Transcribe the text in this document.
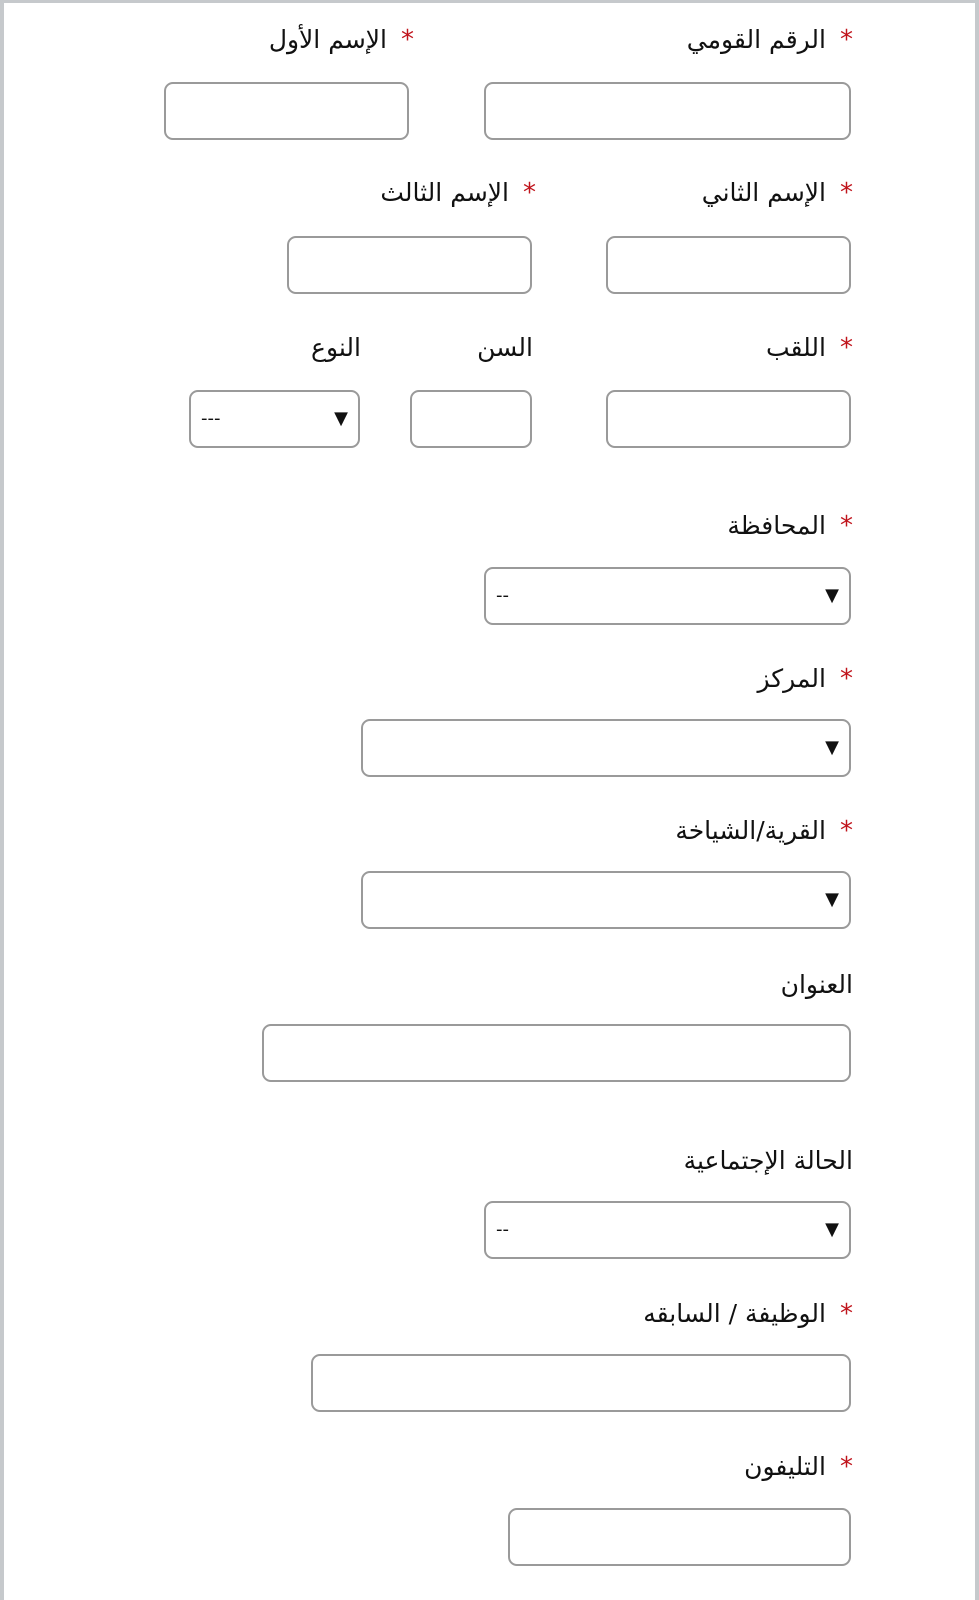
*الرقم القومي
*الإسم الأول
*الإسم الثاني
*الإسم الثالث
*اللقب
السن
النوع
---	▼
*المحافظة
--	▼
*المركز
▼
*القرية/الشياخة
▼
العنوان
الحالة الإجتماعية
--	▼
*الوظيفة / السابقه
*التليفون
